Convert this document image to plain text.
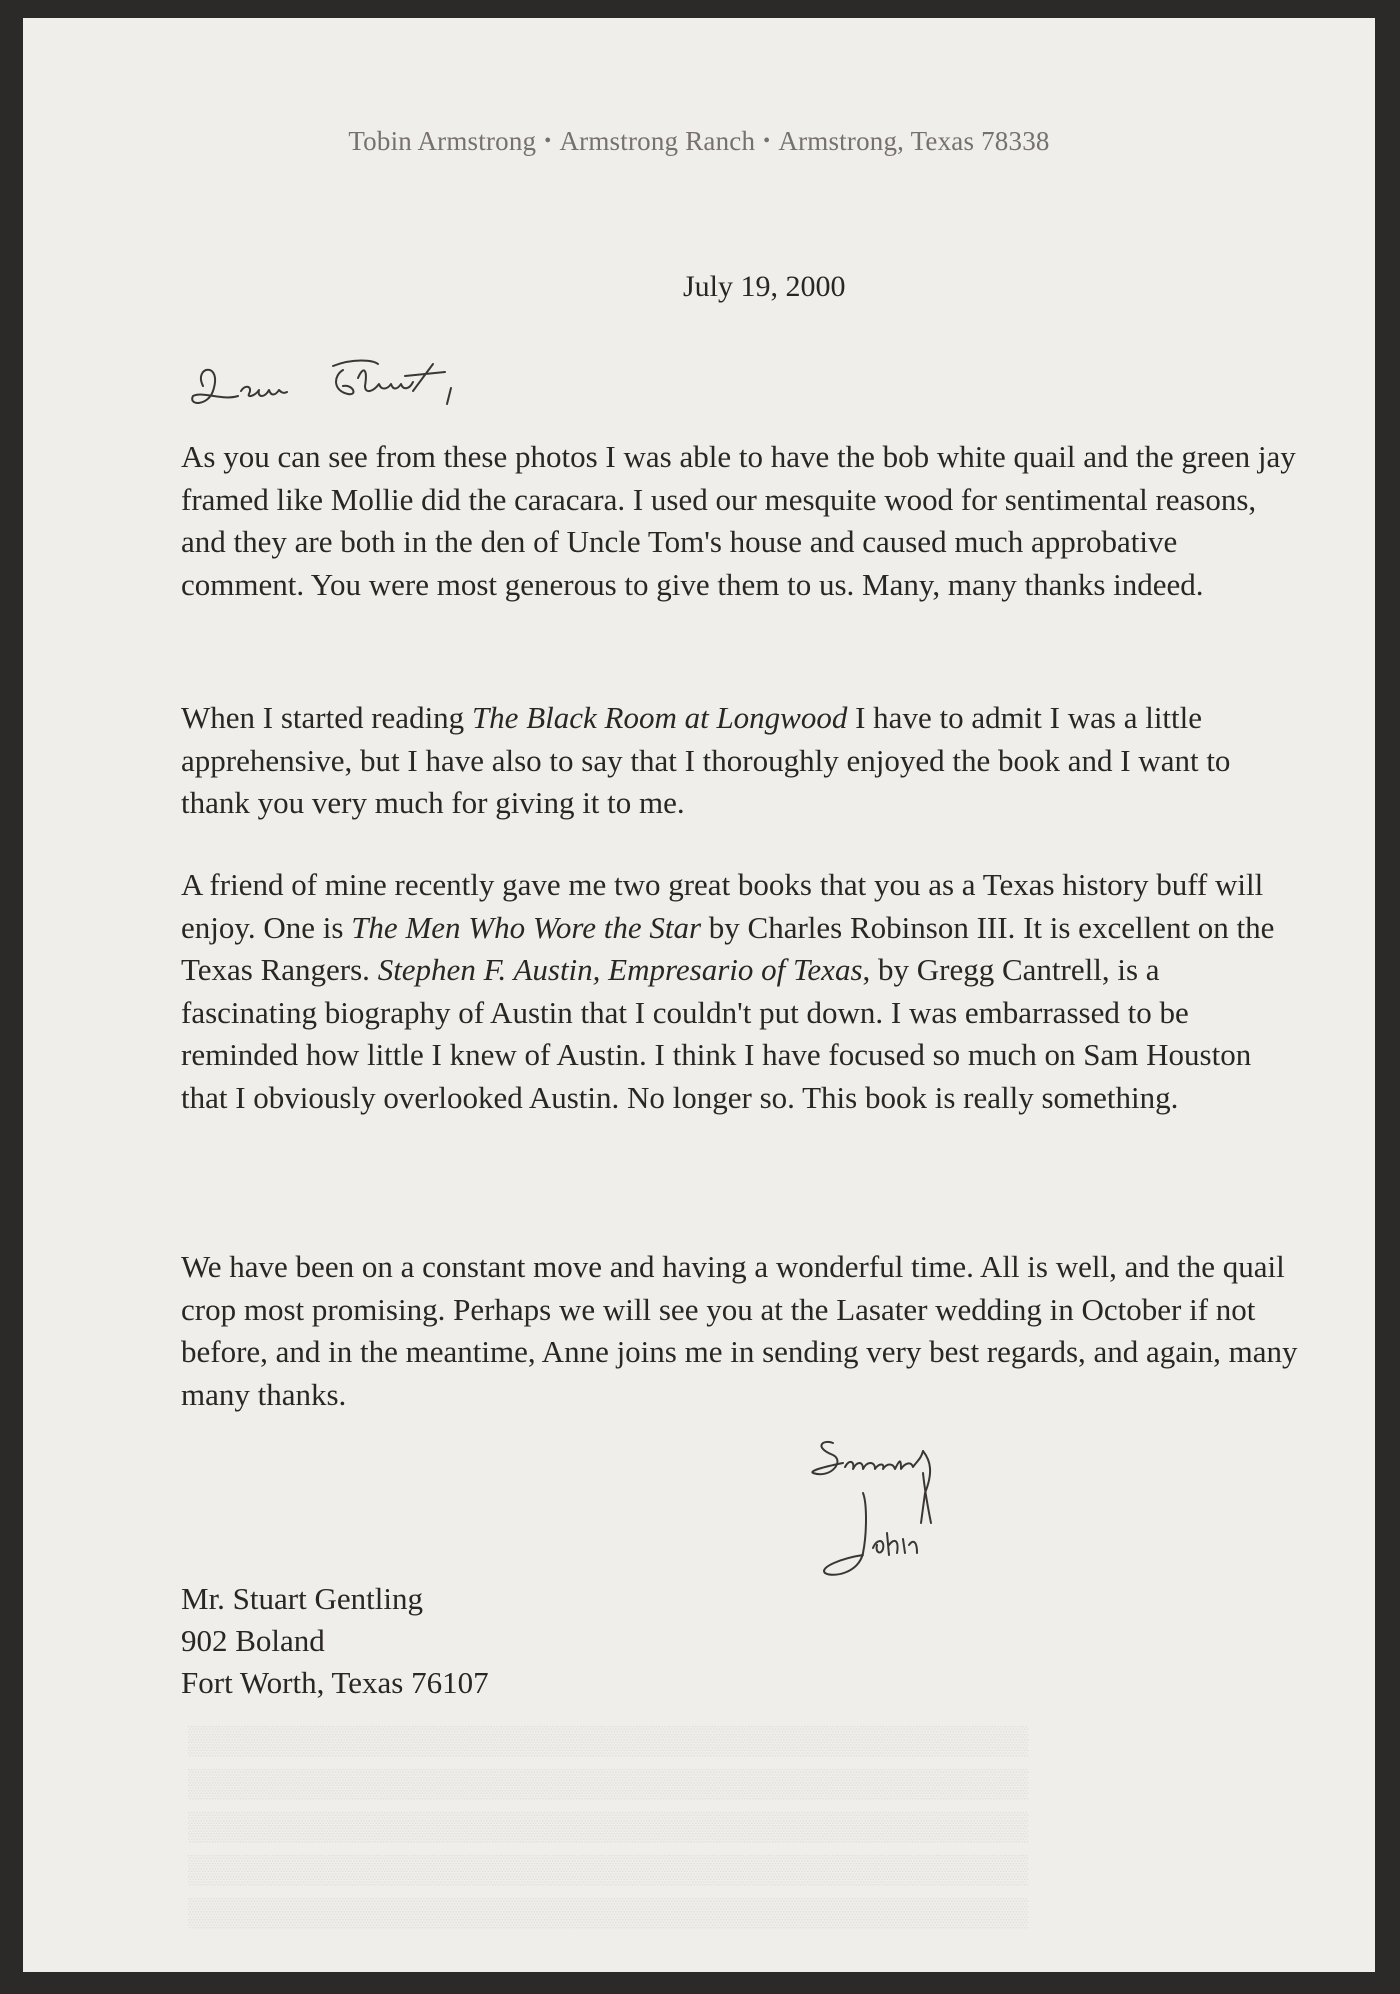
Tobin Armstrong • Armstrong Ranch • Armstrong, Texas 78338
July 19, 2000

As you can see from these photos I was able to have the bob white quail and the green jay framed like Mollie did the caracara. I used our mesquite wood for sentimental reasons, and they are both in the den of Uncle Tom's house and caused much approbative comment. You were most generous to give them to us. Many, many thanks indeed.

When I started reading The Black Room at Longwood I have to admit I was a little apprehensive, but I have also to say that I thoroughly enjoyed the book and I want to thank you very much for giving it to me.

A friend of mine recently gave me two great books that you as a Texas history buff will enjoy. One is The Men Who Wore the Star by Charles Robinson III. It is excellent on the Texas Rangers. Stephen F. Austin, Empresario of Texas, by Gregg Cantrell, is a fascinating biography of Austin that I couldn't put down. I was embarrassed to be reminded how little I knew of Austin. I think I have focused so much on Sam Houston that I obviously overlooked Austin. No longer so. This book is really something.

We have been on a constant move and having a wonderful time. All is well, and the quail crop most promising. Perhaps we will see you at the Lasater wedding in October if not before, and in the meantime, Anne joins me in sending very best regards, and again, many many thanks.

Mr. Stuart Gentling
902 Boland
Fort Worth, Texas 76107
▒▒▒▒▒▒▒▒▒▒▒▒▒▒▒▒▒▒▒▒▒▒▒▒▒▒▒▒▒▒▒▒▒▒▒▒▒▒▒▒▒▒▒▒▒▒▒▒▒▒
▒▒▒▒▒▒▒▒▒▒▒▒▒▒▒▒▒▒▒▒▒▒▒▒▒▒▒▒▒▒▒▒▒▒▒▒▒▒▒▒▒▒▒▒▒▒▒▒▒▒
▒▒▒▒▒▒▒▒▒▒▒▒▒▒▒▒▒▒▒▒▒▒▒▒▒▒▒▒▒▒▒▒▒▒▒▒▒▒▒▒▒▒▒▒▒▒▒▒▒▒
▒▒▒▒▒▒▒▒▒▒▒▒▒▒▒▒▒▒▒▒▒▒▒▒▒▒▒▒▒▒▒▒▒▒▒▒▒▒▒▒▒▒▒▒▒▒▒▒▒▒
▒▒▒▒▒▒▒▒▒▒▒▒▒▒▒▒▒▒▒▒▒▒▒▒▒▒▒▒▒▒▒▒▒▒▒▒▒▒▒▒▒▒▒▒▒▒▒▒▒▒
